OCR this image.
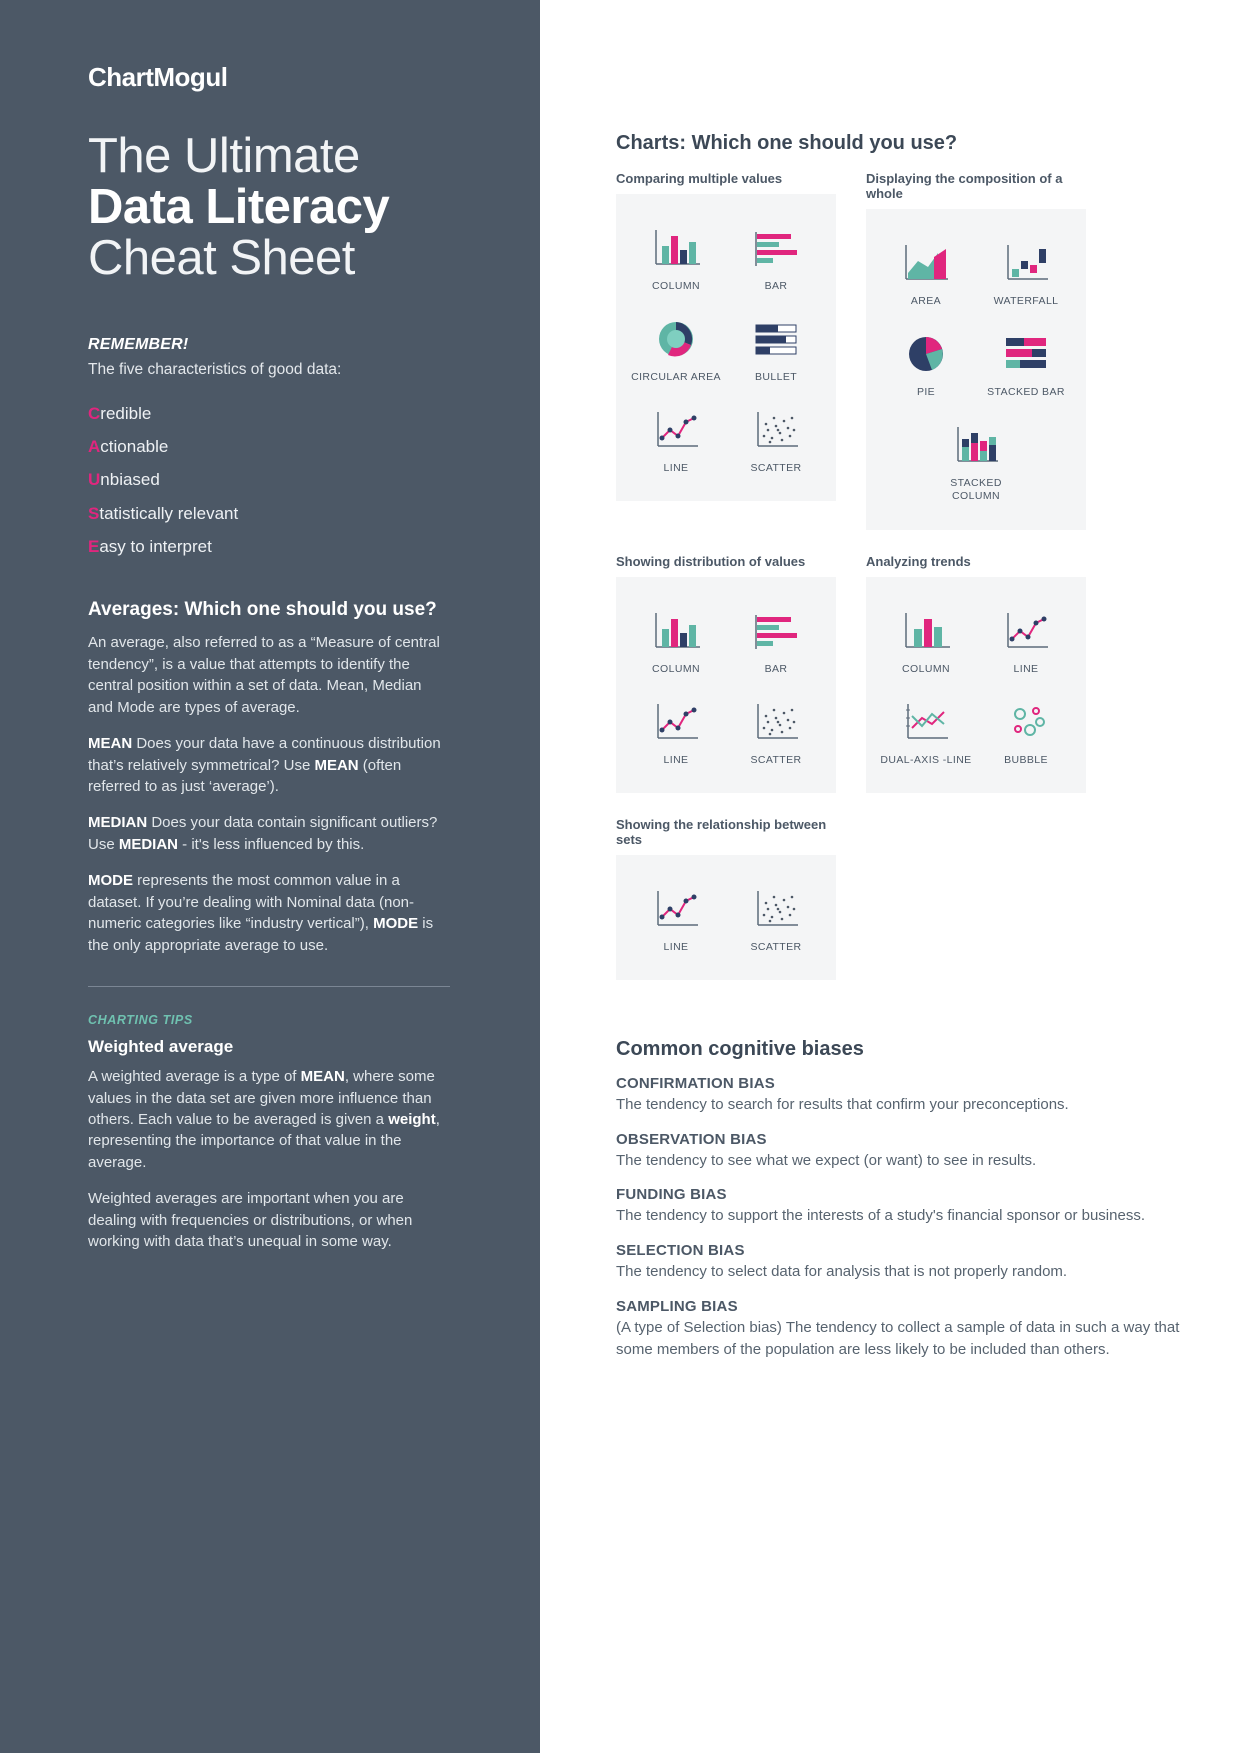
ChartMogul
The Ultimate
Data Literacy
Cheat Sheet
REMEMBER!
The five characteristics of good data:
Credible
Actionable
Unbiased
Statistically relevant
Easy to interpret
Averages: Which one should you use?
An average, also referred to as a “Measure of central tendency”, is a value that attempts to identify the central position within a set of data. Mean, Median and Mode are types of average.
MEAN Does your data have a continuous distribution that’s relatively symmetrical? Use MEAN (often referred to as just ‘average’).
MEDIAN Does your data contain significant outliers? Use MEDIAN - it's less influenced by this.
MODE represents the most common value in a dataset. If you’re dealing with Nominal data (non-numeric categories like “industry vertical”), MODE is the only appropriate average to use.
CHARTING TIPS
Weighted average
A weighted average is a type of MEAN, where some values in the data set are given more influence than others. Each value to be averaged is given a weight, representing the importance of that value in the average.
Weighted averages are important when you are dealing with frequencies or distributions, or when working with data that’s unequal in some way.
Charts: Which one should you use?
Comparing multiple values
COLUMN	BAR
CIRCULAR AREA	BULLET
LINE	SCATTER
Displaying the composition of a whole
AREA	WATERFALL
PIE	STACKED BAR
STACKED COLUMN
Showing distribution of values
COLUMN	BAR
LINE	SCATTER
Analyzing trends
COLUMN	LINE
DUAL-AXIS -LINE	BUBBLE
Showing the relationship between sets
LINE	SCATTER
Common cognitive biases
CONFIRMATION BIAS
The tendency to search for results that confirm your preconceptions.
OBSERVATION BIAS
The tendency to see what we expect (or want) to see in results.
FUNDING BIAS
The tendency to support the interests of a study's financial sponsor or business.
SELECTION BIAS
The tendency to select data for analysis that is not properly random.
SAMPLING BIAS
(A type of Selection bias) The tendency to collect a sample of data in such a way that some members of the population are less likely to be included than others.
